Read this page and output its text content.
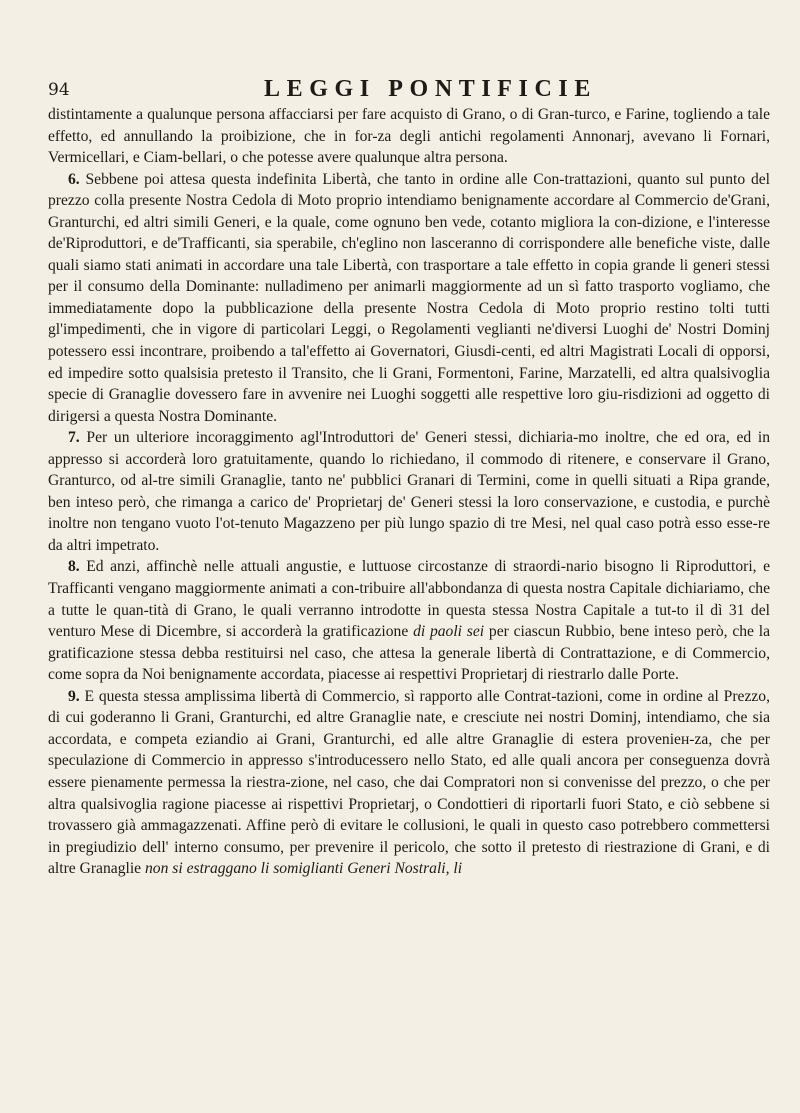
94	LEGGI PONTIFICIE

distintamente a qualunque persona affacciarsi per fare acquisto di Grano, o di Gran-turco, e Farine, togliendo a tale effetto, ed annullando la proibizione, che in for-za degli antichi regolamenti Annonarj, avevano li Fornari, Vermicellari, e Ciam-bellari, o che potesse avere qualunque altra persona.

6. Sebbene poi attesa questa indefinita Libertà, che tanto in ordine alle Con-trattazioni, quanto sul punto del prezzo colla presente Nostra Cedola di Moto proprio intendiamo benignamente accordare al Commercio de'Grani, Granturchi, ed altri simili Generi, e la quale, come ognuno ben vede, cotanto migliora la con-dizione, e l'interesse de'Riproduttori, e de'Trafficanti, sia sperabile, ch'eglino non lasceranno di corrispondere alle benefiche viste, dalle quali siamo stati animati in accordare una tale Libertà, con trasportare a tale effetto in copia grande li generi stessi per il consumo della Dominante: nulladimeno per animarli maggiormente ad un sì fatto trasporto vogliamo, che immediatamente dopo la pubblicazione della presente Nostra Cedola di Moto proprio restino tolti tutti gl'impedimenti, che in vigore di particolari Leggi, o Regolamenti veglianti ne'diversi Luoghi de' Nostri Dominj potessero essi incontrare, proibendo a tal'effetto ai Governatori, Giusdi-centi, ed altri Magistrati Locali di opporsi, ed impedire sotto qualsisia pretesto il Transito, che li Grani, Formentoni, Farine, Marzatelli, ed altra qualsivoglia specie di Granaglie dovessero fare in avvenire nei Luoghi soggetti alle respettive loro giu-risdizioni ad oggetto di dirigersi a questa Nostra Dominante.

7. Per un ulteriore incoraggimento agl'Introduttori de' Generi stessi, dichiaria-mo inoltre, che ed ora, ed in appresso si accorderà loro gratuitamente, quando lo richiedano, il commodo di ritenere, e conservare il Grano, Granturco, od al-tre simili Granaglie, tanto ne' pubblici Granari di Termini, come in quelli situati a Ripa grande, ben inteso però, che rimanga a carico de' Proprietarj de' Generi stessi la loro conservazione, e custodia, e purchè inoltre non tengano vuoto l'ot-tenuto Magazzeno per più lungo spazio di tre Mesi, nel qual caso potrà esso esse-re da altri impetrato.

8. Ed anzi, affinchè nelle attuali angustie, e luttuose circostanze di straordi-nario bisogno li Riproduttori, e Trafficanti vengano maggiormente animati a con-tribuire all'abbondanza di questa nostra Capitale dichiariamo, che a tutte le quan-tità di Grano, le quali verranno introdotte in questa stessa Nostra Capitale a tut-to il dì 31 del venturo Mese di Dicembre, si accorderà la gratificazione di paoli sei per ciascun Rubbio, bene inteso però, che la gratificazione stessa debba restituirsi nel caso, che attesa la generale libertà di Contrattazione, e di Commercio, come sopra da Noi benignamente accordata, piacesse ai respettivi Proprietarj di riestrarlo dalle Porte.

9. E questa stessa amplissima libertà di Commercio, sì rapporto alle Contrat-tazioni, come in ordine al Prezzo, di cui goderanno li Grani, Granturchi, ed altre Granaglie nate, e cresciute nei nostri Dominj, intendiamo, che sia accordata, e competa eziandio ai Grani, Granturchi, ed alle altre Granaglie di estera proveniен-za, che per speculazione di Commercio in appresso s'introducessero nello Stato, ed alle quali ancora per conseguenza dovrà essere pienamente permessa la riestra-zione, nel caso, che dai Compratori non si convenisse del prezzo, o che per altra qualsivoglia ragione piacesse ai rispettivi Proprietarj, o Condottieri di riportarli fuori Stato, e ciò sebbene si trovassero già ammagazzenati. Affine però di evitare le collusioni, le quali in questo caso potrebbero commettersi in pregiudizio dell' interno consumo, per prevenire il pericolo, che sotto il pretesto di riestrazione di Grani, e di altre Granaglie non si estraggano li somiglianti Generi Nostrali, li
